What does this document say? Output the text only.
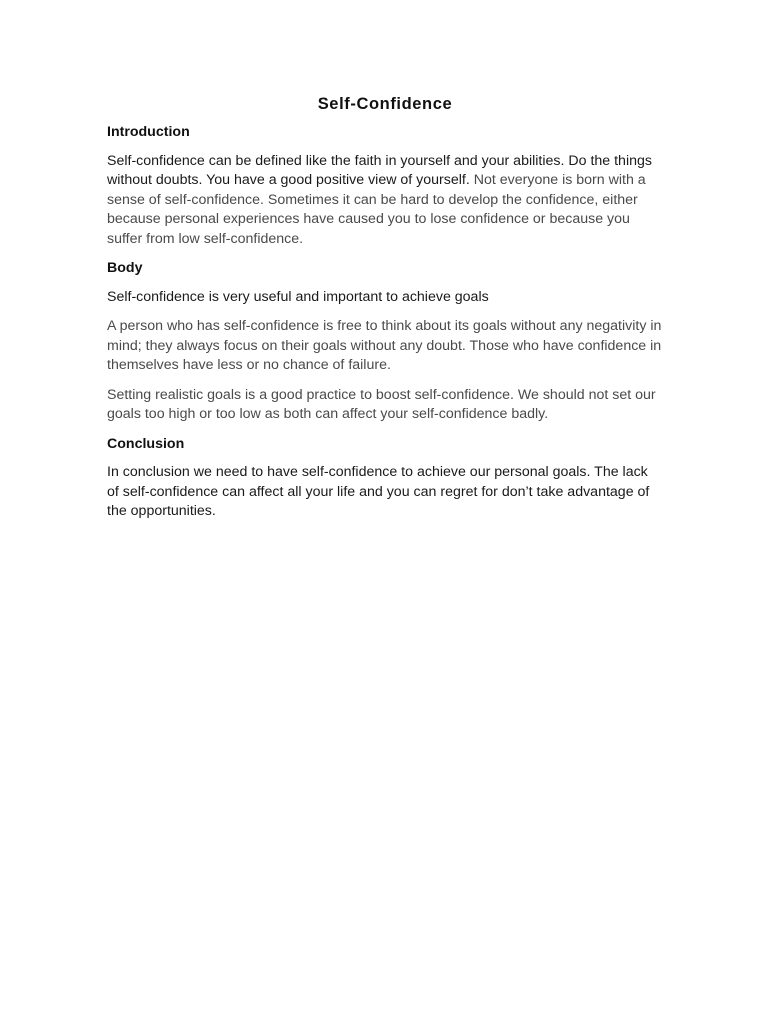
Self-Confidence
Introduction

Self-confidence can be defined like the faith in yourself and your abilities. Do the things without doubts. You have a good positive view of yourself. Not everyone is born with a sense of self-confidence. Sometimes it can be hard to develop the confidence, either because personal experiences have caused you to lose confidence or because you suffer from low self-confidence.

Body

Self-confidence is very useful and important to achieve goals

A person who has self-confidence is free to think about its goals without any negativity in mind; they always focus on their goals without any doubt. Those who have confidence in themselves have less or no chance of failure.

Setting realistic goals is a good practice to boost self-confidence. We should not set our goals too high or too low as both can affect your self-confidence badly.

Conclusion

In conclusion we need to have self-confidence to achieve our personal goals. The lack of self-confidence can affect all your life and you can regret for don’t take advantage of the opportunities.
